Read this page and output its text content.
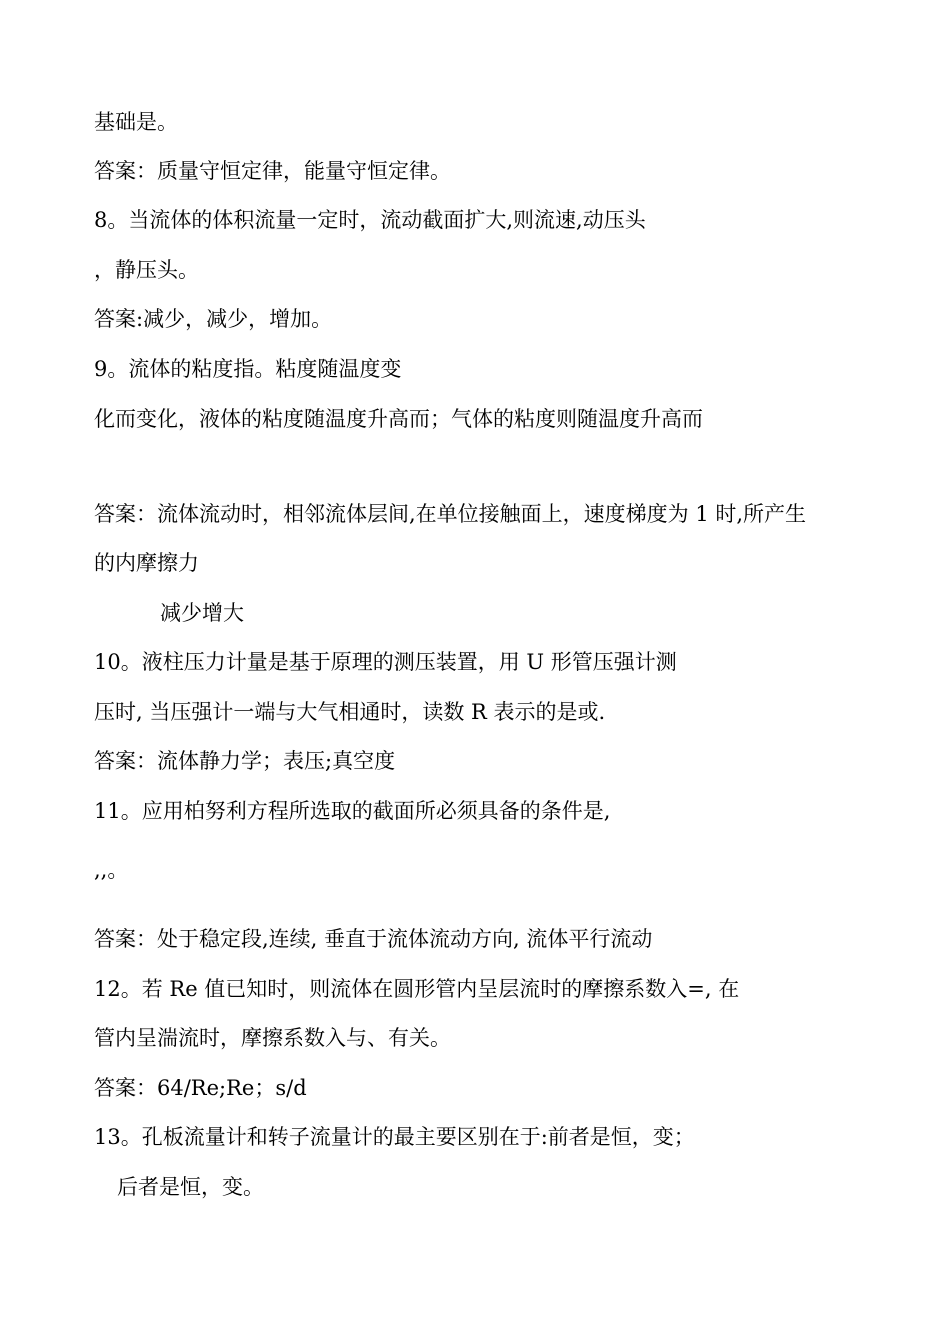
基础是。
答案：质量守恒定律，能量守恒定律。
8。当流体的体积流量一定时，流动截面扩大,则流速,动压头
，静压头。
答案:减少，减少，增加。
9。流体的粘度指。粘度随温度变
化而变化，液体的粘度随温度升高而；气体的粘度则随温度升高而
答案：流体流动时，相邻流体层间,在单位接触面上，速度梯度为 1 时,所产生
的内摩擦力
减少增大
10。液柱压力计量是基于原理的测压装置，用 U 形管压强计测
压时, 当压强计一端与大气相通时，读数 R 表示的是或.
答案：流体静力学；表压;真空度
11。应用柏努利方程所选取的截面所必须具备的条件是,
,,。
答案：处于稳定段,连续, 垂直于流体流动方向, 流体平行流动
12。若 Re 值已知时，则流体在圆形管内呈层流时的摩擦系数入=, 在
管内呈湍流时，摩擦系数入与、有关。
答案：64/Re;Re；s/d
13。孔板流量计和转子流量计的最主要区别在于:前者是恒，变；
后者是恒，变。
